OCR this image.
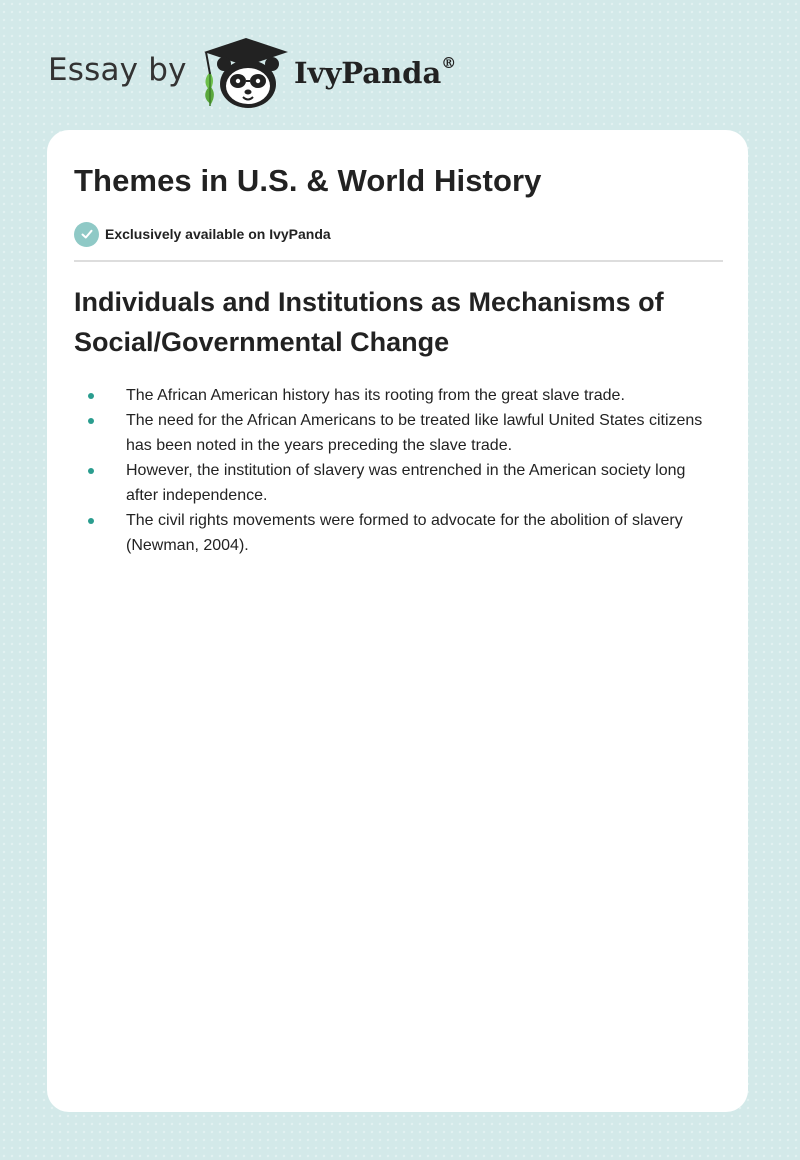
Essay by	IvyPanda®
Themes in U.S. & World History
Exclusively available on IvyPanda
Individuals and Institutions as Mechanisms of Social/Governmental Change
The African American history has its rooting from the great slave trade.
The need for the African Americans to be treated like lawful United States citizens has been noted in the years preceding the slave trade.
However, the institution of slavery was entrenched in the American society long after independence.
The civil rights movements were formed to advocate for the abolition of slavery (Newman, 2004).
